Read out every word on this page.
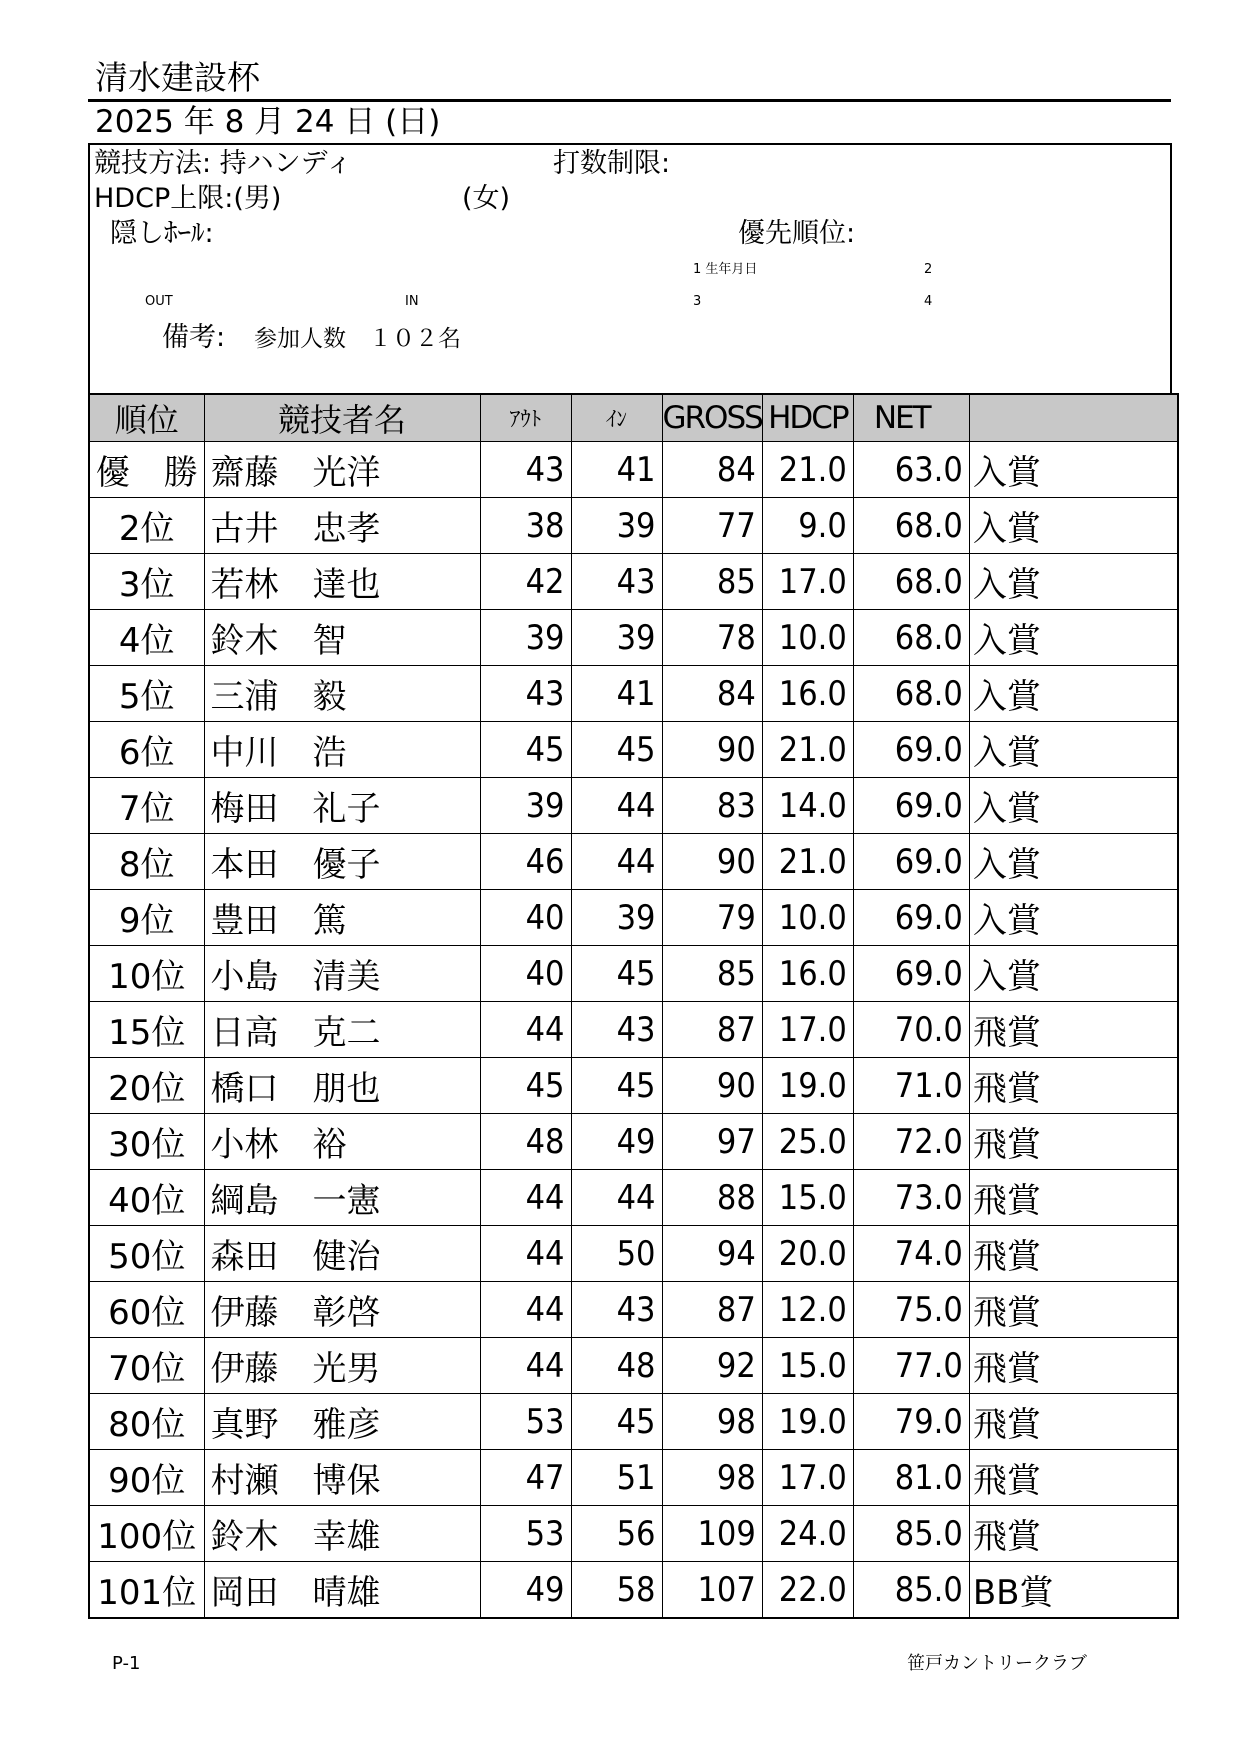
清水建設杯
2025 年 8 月 24 日 (日)
競技方法: 持ハンディ	打数制限:
HDCP上限:(男)	(女)
隠しﾎｰﾙ:	優先順位:
1 生年月日	2
OUT	IN	3	4
備考: 参加人数　１０２名
順位	競技者名	ｱｳﾄ	ｲﾝ	GROSS	HDCP	NET	
優　勝	齋藤　光洋	43	41	84	21.0	63.0	入賞
2位	古井　忠孝	38	39	77	9.0	68.0	入賞
3位	若林　達也	42	43	85	17.0	68.0	入賞
4位	鈴木　智	39	39	78	10.0	68.0	入賞
5位	三浦　毅	43	41	84	16.0	68.0	入賞
6位	中川　浩	45	45	90	21.0	69.0	入賞
7位	梅田　礼子	39	44	83	14.0	69.0	入賞
8位	本田　優子	46	44	90	21.0	69.0	入賞
9位	豊田　篤	40	39	79	10.0	69.0	入賞
10位	小島　清美	40	45	85	16.0	69.0	入賞
15位	日高　克二	44	43	87	17.0	70.0	飛賞
20位	橋口　朋也	45	45	90	19.0	71.0	飛賞
30位	小林　裕	48	49	97	25.0	72.0	飛賞
40位	綱島　一憲	44	44	88	15.0	73.0	飛賞
50位	森田　健治	44	50	94	20.0	74.0	飛賞
60位	伊藤　彰啓	44	43	87	12.0	75.0	飛賞
70位	伊藤　光男	44	48	92	15.0	77.0	飛賞
80位	真野　雅彦	53	45	98	19.0	79.0	飛賞
90位	村瀬　博保	47	51	98	17.0	81.0	飛賞
100位	鈴木　幸雄	53	56	109	24.0	85.0	飛賞
101位	岡田　晴雄	49	58	107	22.0	85.0	BB賞
P-1	笹戸カントリークラブ
